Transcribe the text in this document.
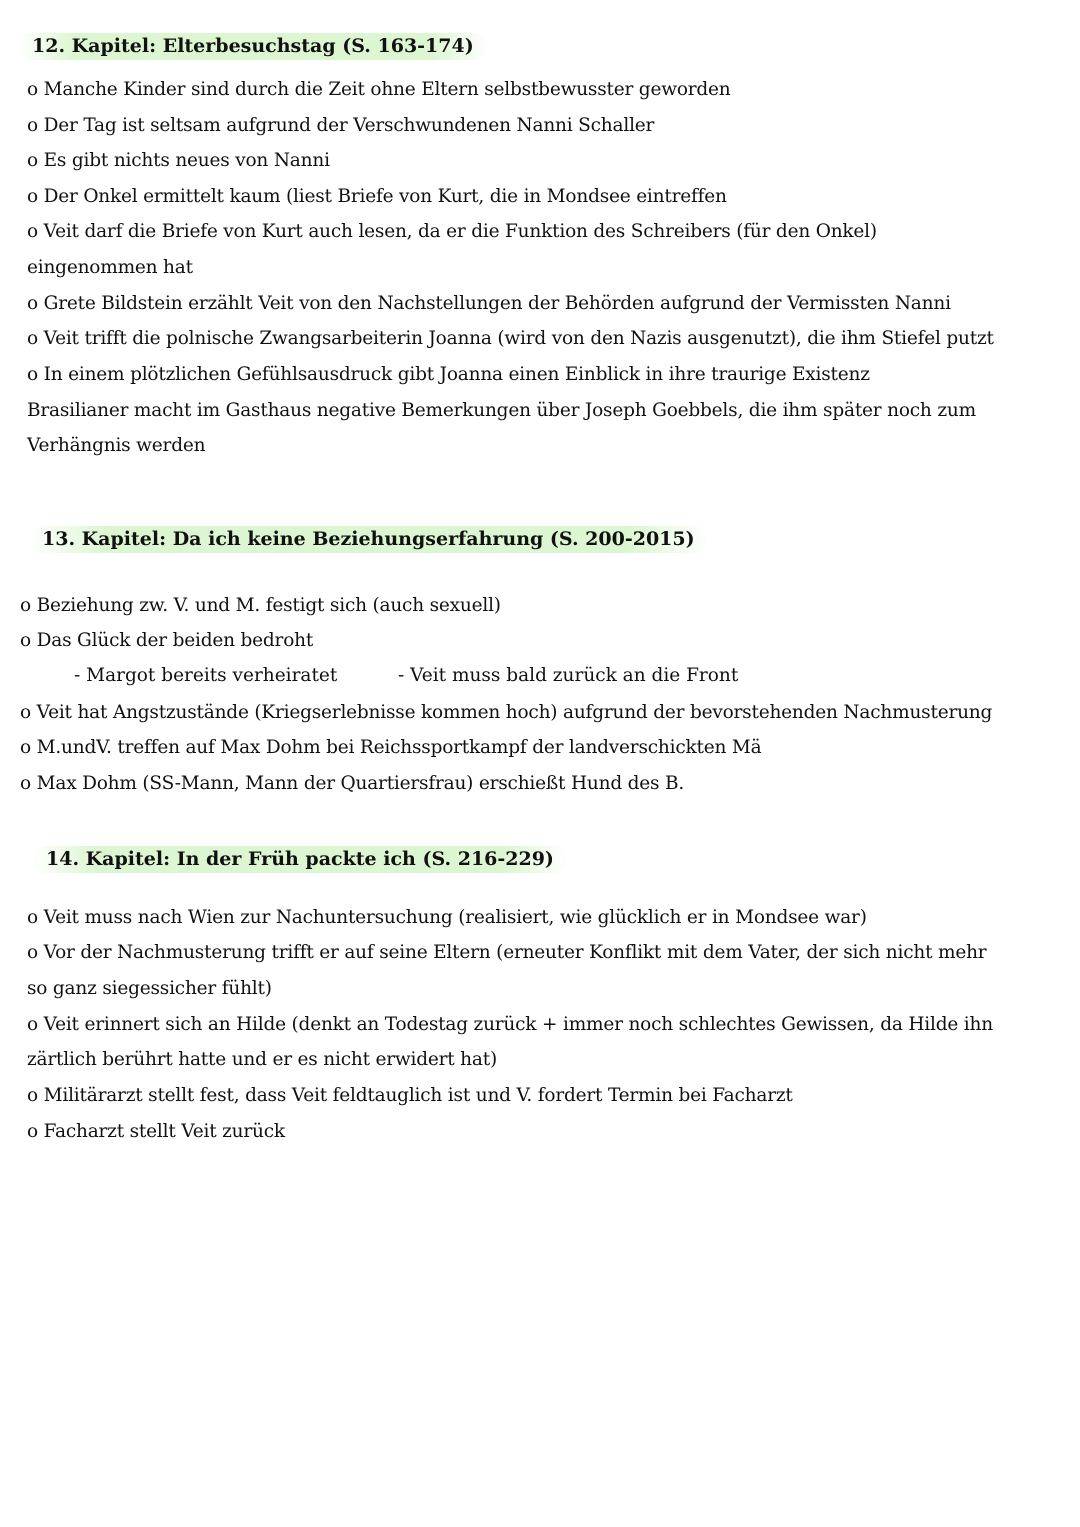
12. Kapitel: Elterbesuchstag (S. 163-174)
o Manche Kinder sind durch die Zeit ohne Eltern selbstbewusster geworden
o Der Tag ist seltsam aufgrund der Verschwundenen Nanni Schaller
o Es gibt nichts neues von Nanni
o Der Onkel ermittelt kaum (liest Briefe von Kurt, die in Mondsee eintreffen
o Veit darf die Briefe von Kurt auch lesen, da er die Funktion des Schreibers (für den Onkel)
eingenommen hat
o Grete Bildstein erzählt Veit von den Nachstellungen der Behörden aufgrund der Vermissten Nanni
o Veit trifft die polnische Zwangsarbeiterin Joanna (wird von den Nazis ausgenutzt), die ihm Stiefel putzt
o In einem plötzlichen Gefühlsausdruck gibt Joanna einen Einblick in ihre traurige Existenz
Brasilianer macht im Gasthaus negative Bemerkungen über Joseph Goebbels, die ihm später noch zum
Verhängnis werden
13. Kapitel: Da ich keine Beziehungserfahrung (S. 200-2015)
o Beziehung zw. V. und M. festigt sich (auch sexuell)
o Das Glück der beiden bedroht
- Margot bereits verheiratet	- Veit muss bald zurück an die Front
o Veit hat Angstzustände (Kriegserlebnisse kommen hoch) aufgrund der bevorstehenden Nachmusterung
o M.undV. treffen auf Max Dohm bei Reichssportkampf der landverschickten Mä
o Max Dohm (SS-Mann, Mann der Quartiersfrau) erschießt Hund des B.
14. Kapitel: In der Früh packte ich (S. 216-229)
o Veit muss nach Wien zur Nachuntersuchung (realisiert, wie glücklich er in Mondsee war)
o Vor der Nachmusterung trifft er auf seine Eltern (erneuter Konflikt mit dem Vater, der sich nicht mehr
so ganz siegessicher fühlt)
o Veit erinnert sich an Hilde (denkt an Todestag zurück + immer noch schlechtes Gewissen, da Hilde ihn
zärtlich berührt hatte und er es nicht erwidert hat)
o Militärarzt stellt fest, dass Veit feldtauglich ist und V. fordert Termin bei Facharzt
o Facharzt stellt Veit zurück
